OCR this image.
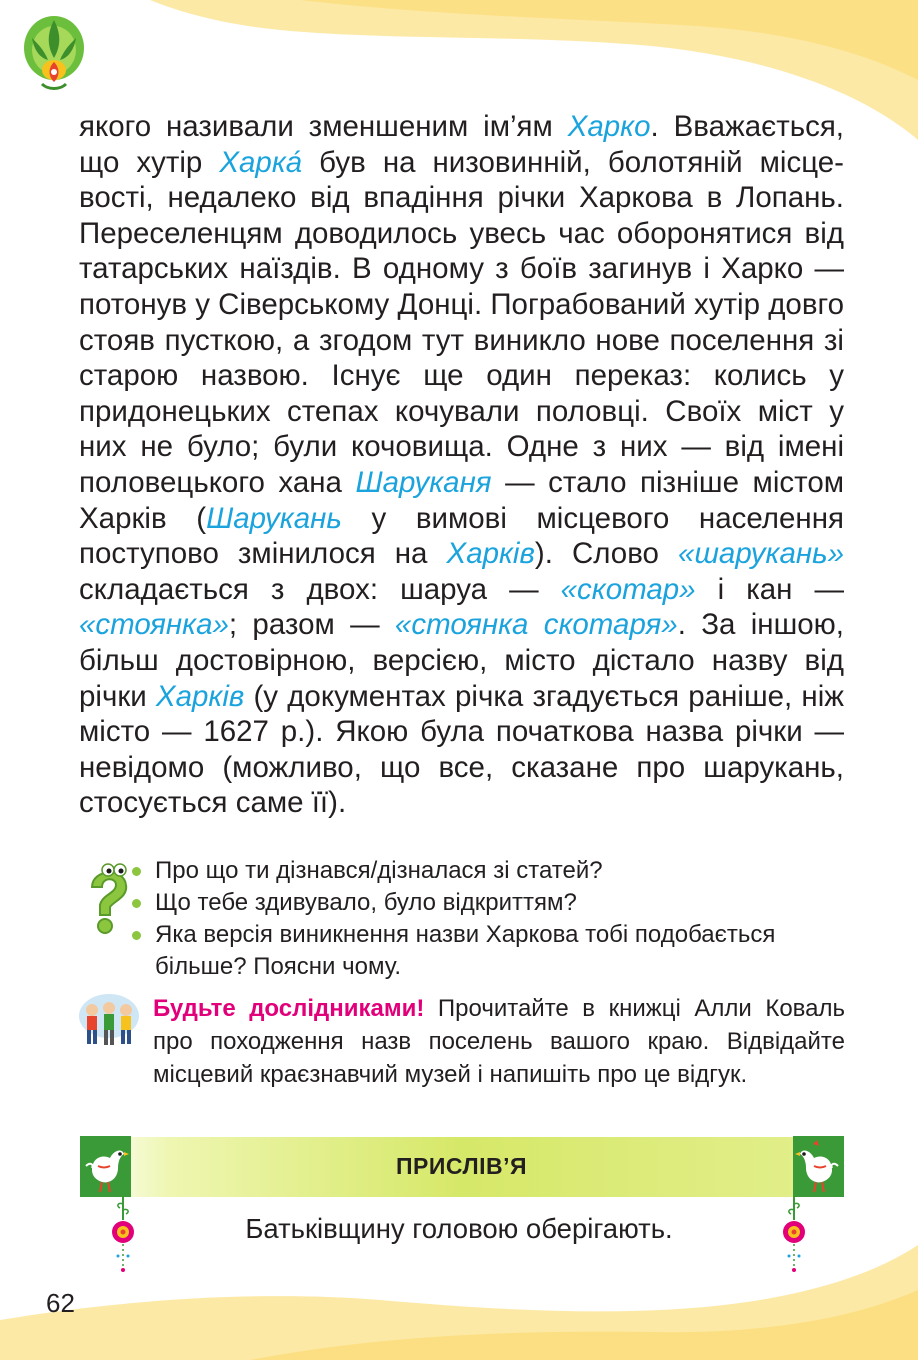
якого називали зменшеним ім’ям Харко. Вважається, що хутір Харка́ був на низовинній, болотяній місцевості, недалеко від впадіння річки Харкова в Лопань. Переселенцям доводилось увесь час оборонятися від татарських наїздів. В одному з боїв загинув і Харко — потонув у Сіверському Донці. Пограбований хутір довго стояв пусткою, а згодом тут виникло нове поселення зі старою назвою. Існує ще один переказ: колись у придонецьких степах кочували половці. Своїх міст у них не було; були кочовища. Одне з них — від імені половецького хана Шаруканя — стало пізніше містом Харків (Шарукань у вимові місцевого населення поступово змінилося на Харків). Слово «шарукань» складається з двох: шаруа — «скотар» і кан — «стоянка»; разом — «стоянка скотаря». За іншою, більш достовірною, версією, місто дістало назву від річки Харків (у документах річка згадується раніше, ніж місто — 1627 р.). Якою була початкова назва річки — невідомо (можливо, що все, сказане про шарукань, стосується саме її).

Про що ти дізнався/дізналася зі статей?
Що тебе здивувало, було відкриттям?
Яка версія виникнення назви Харкова тобі подобається більше? Поясни чому.

Будьте дослідниками! Прочитайте в книжці Алли Коваль про походження назв поселень вашого краю. Відвідайте місцевий краєзнавчий музей і напишіть про це відгук.

ПРИСЛІВ’Я

Батьківщину головою оберігають.

62
